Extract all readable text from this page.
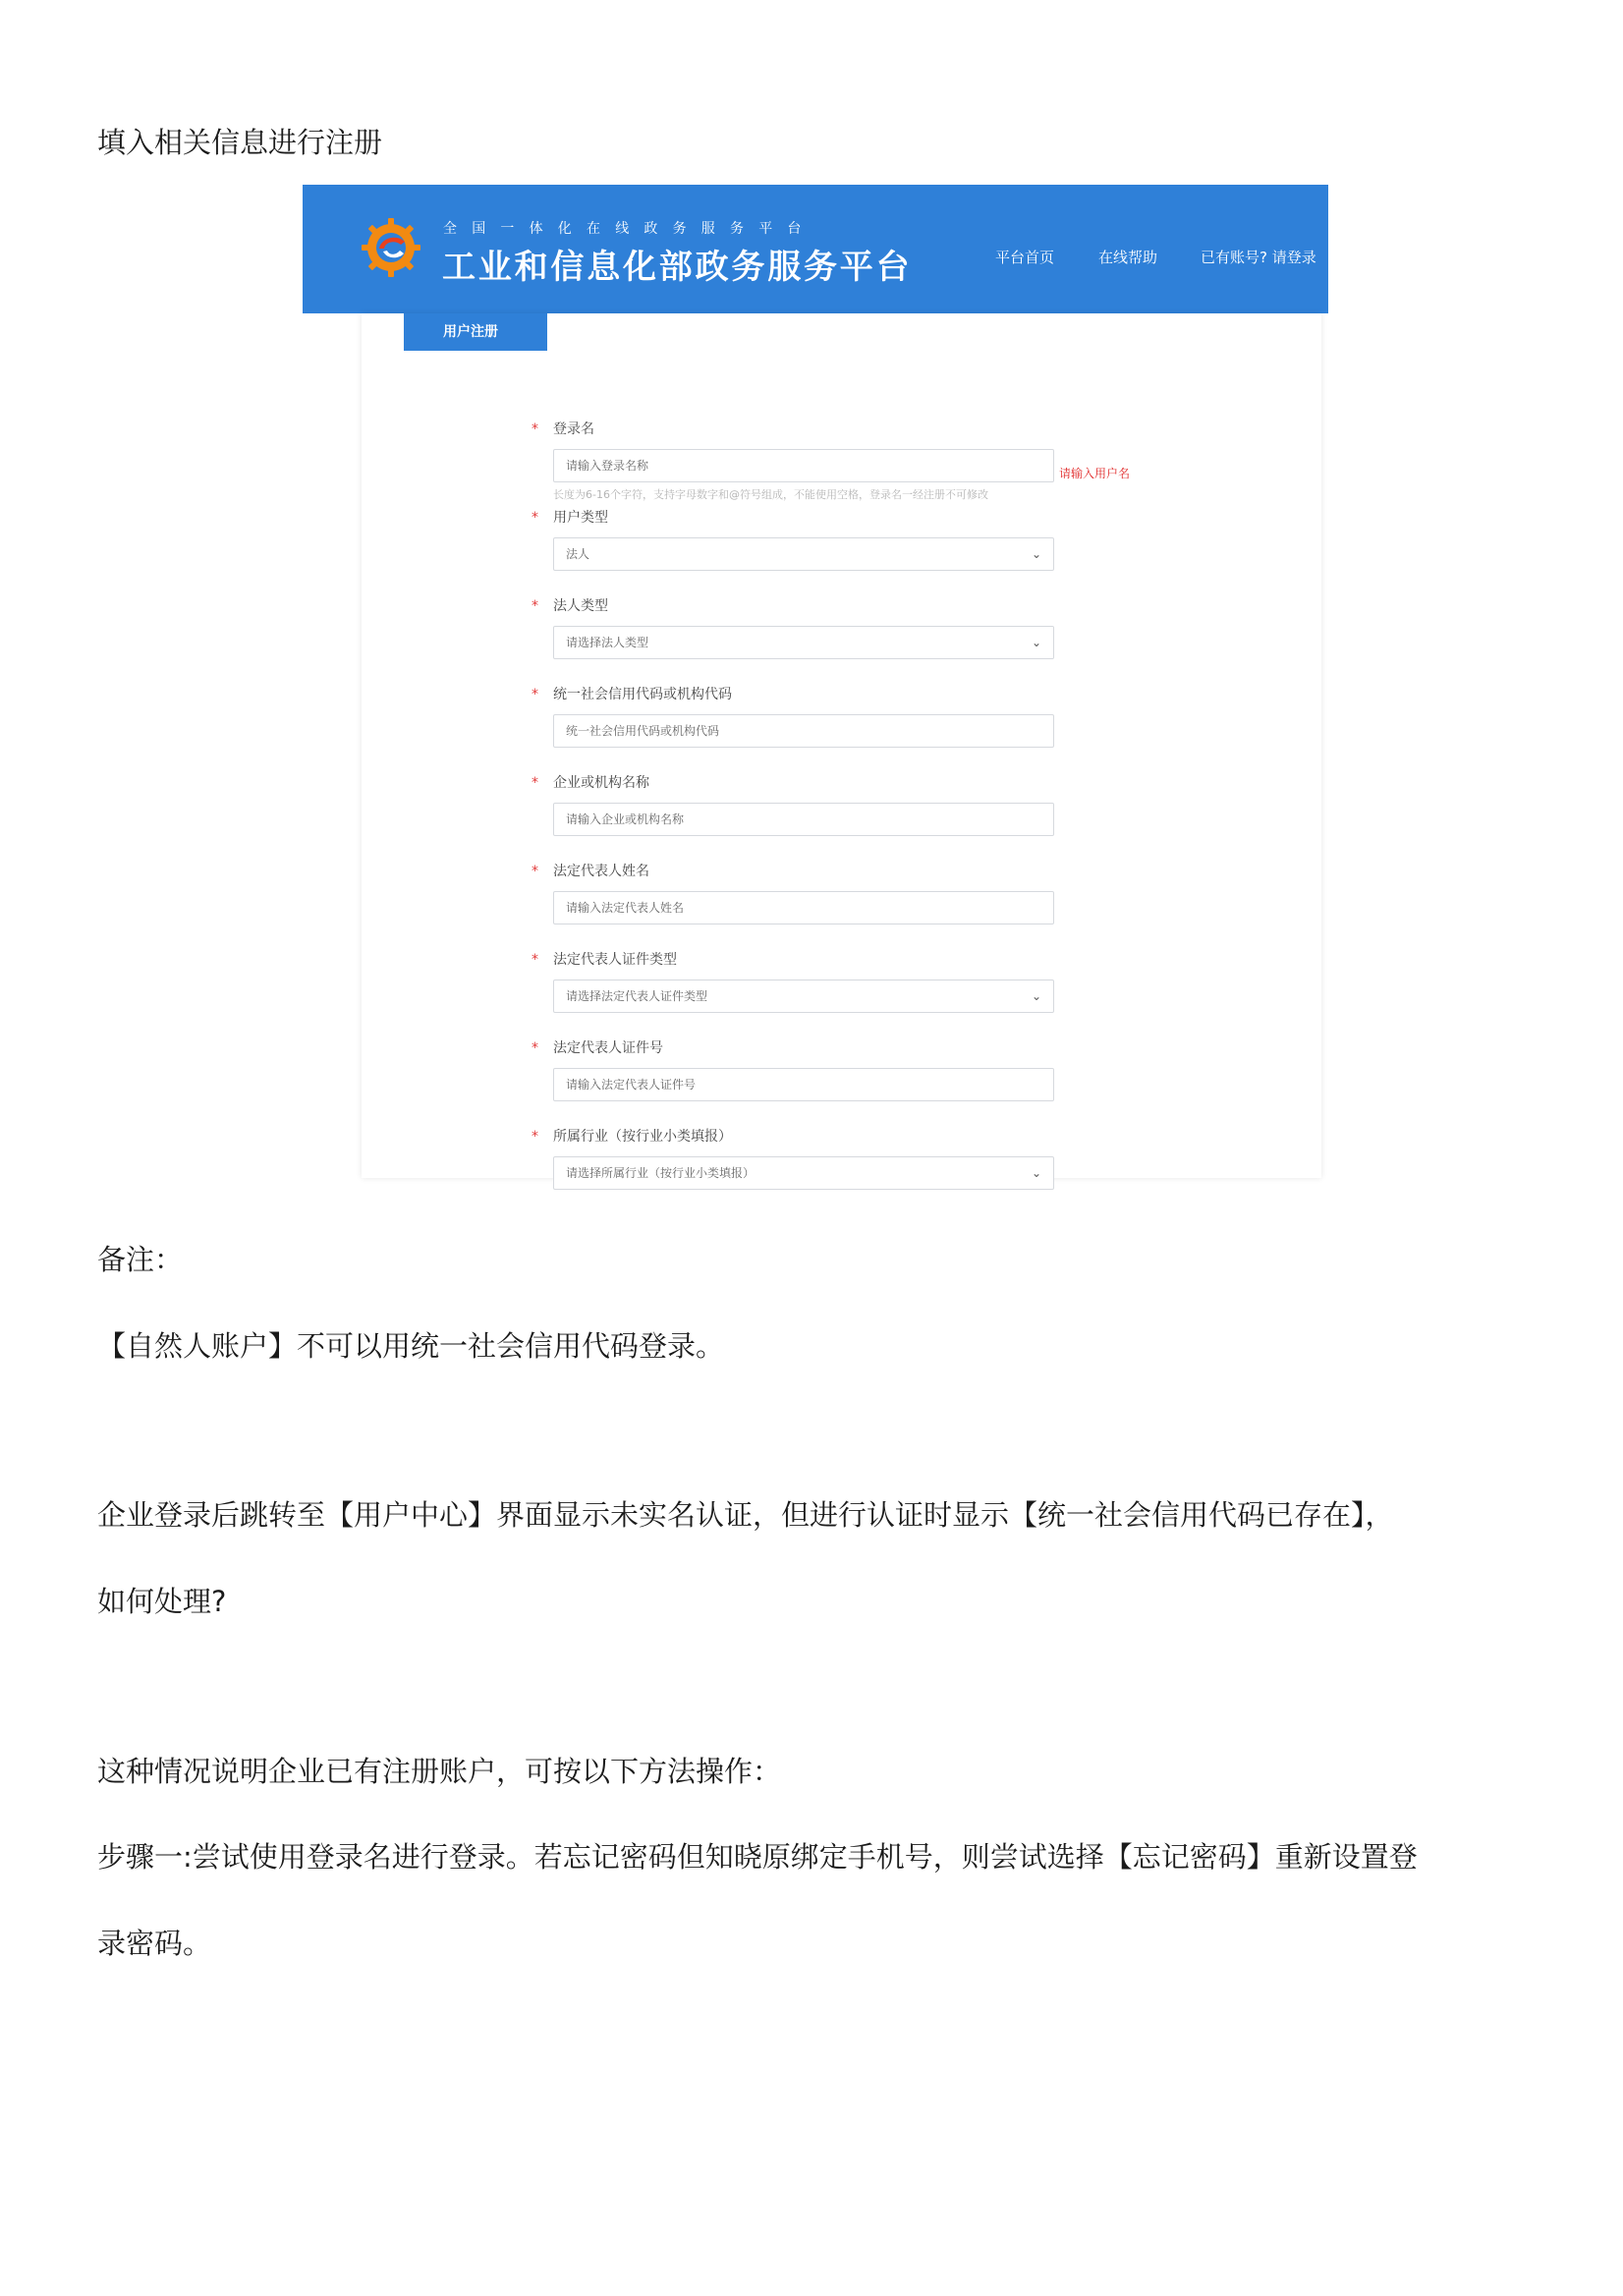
填入相关信息进行注册
全国一体化在线政务服务平台
工业和信息化部政务服务平台	平台首页	在线帮助	已有账号? 请登录
用户注册
* 登录名
请输入登录名称
请输入用户名
长度为6-16个字符，支持字母数字和@符号组成，不能使用空格，登录名一经注册不可修改
* 用户类型
法人	⌄
* 法人类型
请选择法人类型	⌄
* 统一社会信用代码或机构代码
统一社会信用代码或机构代码
* 企业或机构名称
请输入企业或机构名称
* 法定代表人姓名
请输入法定代表人姓名
* 法定代表人证件类型
请选择法定代表人证件类型	⌄
* 法定代表人证件号
请输入法定代表人证件号
* 所属行业（按行业小类填报）
请选择所属行业（按行业小类填报）	⌄
备注：
【自然人账户】不可以用统一社会信用代码登录。
企业登录后跳转至【用户中心】界面显示未实名认证，但进行认证时显示【统一社会信用代码已存在】，
如何处理?
这种情况说明企业已有注册账户，可按以下方法操作：
步骤一:尝试使用登录名进行登录。若忘记密码但知晓原绑定手机号，则尝试选择【忘记密码】重新设置登
录密码。
